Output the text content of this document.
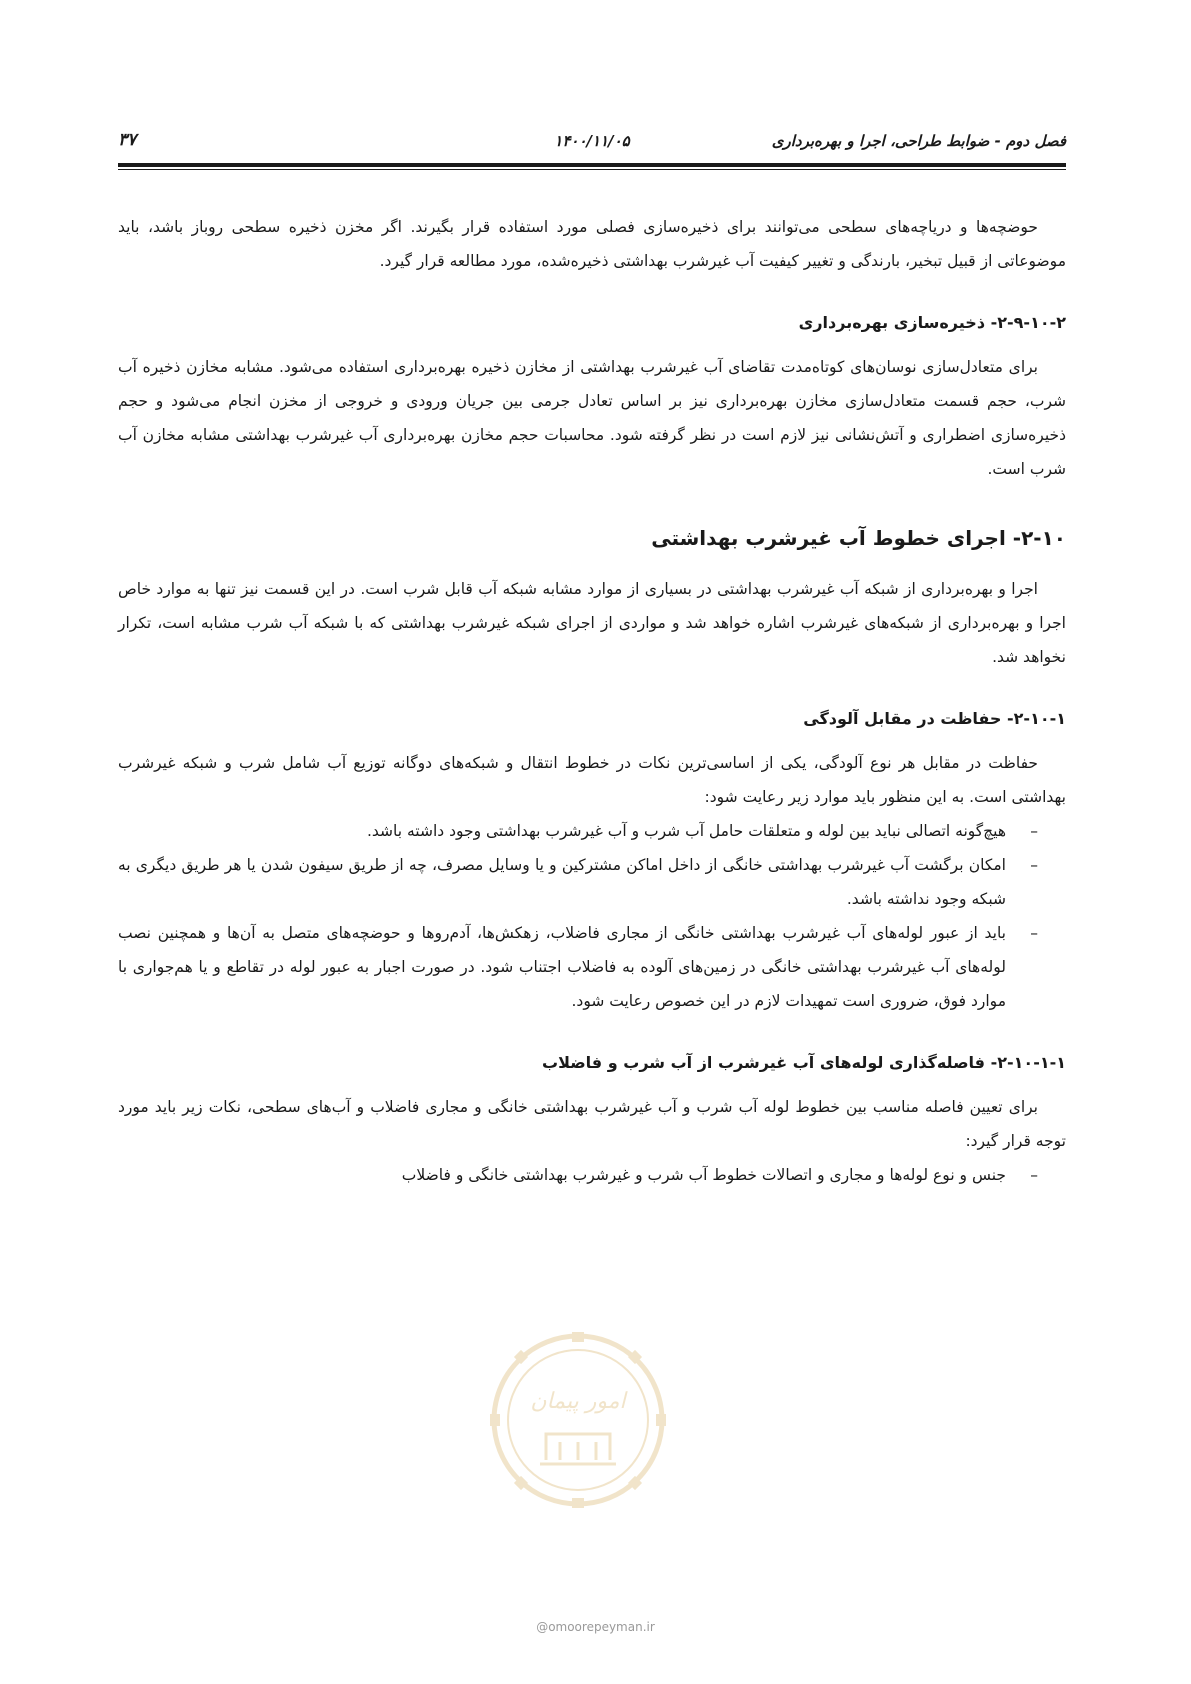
فصل دوم - ضوابط طراحی، اجرا و بهره‌برداری
۱۴۰۰/۱۱/۰۵
۳۷

حوضچه‌ها و دریاچه‌های سطحی می‌توانند برای ذخیره‌سازی فصلی مورد استفاده قرار بگیرند. اگر مخزن ذخیره سطحی روباز باشد، باید موضوعاتی از قبیل تبخیر، بارندگی و تغییر کیفیت آب غیرشرب بهداشتی ذخیره‌شده، مورد مطالعه قرار گیرد.

۲-۹-۱۰-۲- ذخیره‌سازی بهره‌برداری

برای متعادل‌سازی نوسان‌های کوتاه‌مدت تقاضای آب غیرشرب بهداشتی از مخازن ذخیره بهره‌برداری استفاده می‌شود. مشابه مخازن ذخیره آب شرب، حجم قسمت متعادل‌سازی مخازن بهره‌برداری نیز بر اساس تعادل جرمی بین جریان ورودی و خروجی از مخزن انجام می‌شود و حجم ذخیره‌سازی اضطراری و آتش‌نشانی نیز لازم است در نظر گرفته شود. محاسبات حجم مخازن بهره‌برداری آب غیرشرب بهداشتی مشابه مخازن آب شرب است.

۲-۱۰- اجرای خطوط آب غیرشرب بهداشتی

اجرا و بهره‌برداری از شبکه آب غیرشرب بهداشتی در بسیاری از موارد مشابه شبکه آب قابل شرب است. در این قسمت نیز تنها به موارد خاص اجرا و بهره‌برداری از شبکه‌های غیرشرب اشاره خواهد شد و مواردی از اجرای شبکه غیرشرب بهداشتی که با شبکه آب شرب مشابه است، تکرار نخواهد شد.

۲-۱۰-۱- حفاظت در مقابل آلودگی

حفاظت در مقابل هر نوع آلودگی، یکی از اساسی‌ترین نکات در خطوط انتقال و شبکه‌های دوگانه توزیع آب شامل شرب و شبکه غیرشرب بهداشتی است. به این منظور باید موارد زیر رعایت شود:

– هیچ‌گونه اتصالی نباید بین لوله و متعلقات حامل آب شرب و آب غیرشرب بهداشتی وجود داشته باشد.
– امکان برگشت آب غیرشرب بهداشتی خانگی از داخل اماکن مشترکین و یا وسایل مصرف، چه از طریق سیفون شدن یا هر طریق دیگری به شبکه وجود نداشته باشد.
– باید از عبور لوله‌های آب غیرشرب بهداشتی خانگی از مجاری فاضلاب، زهکش‌ها، آدم‌روها و حوضچه‌های متصل به آن‌ها و همچنین نصب لوله‌های آب غیرشرب بهداشتی خانگی در زمین‌های آلوده به فاضلاب اجتناب شود. در صورت اجبار به عبور لوله در تقاطع و یا هم‌جواری با موارد فوق، ضروری است تمهیدات لازم در این خصوص رعایت شود.
۲-۱۰-۱-۱- فاصله‌گذاری لوله‌های آب غیرشرب از آب شرب و فاضلاب

برای تعیین فاصله مناسب بین خطوط لوله آب شرب و آب غیرشرب بهداشتی خانگی و مجاری فاضلاب و آب‌های سطحی، نکات زیر باید مورد توجه قرار گیرد:

– جنس و نوع لوله‌ها و مجاری و اتصالات خطوط آب شرب و غیرشرب بهداشتی خانگی و فاضلاب
امور پیمان
@omoorepeyman.ir
